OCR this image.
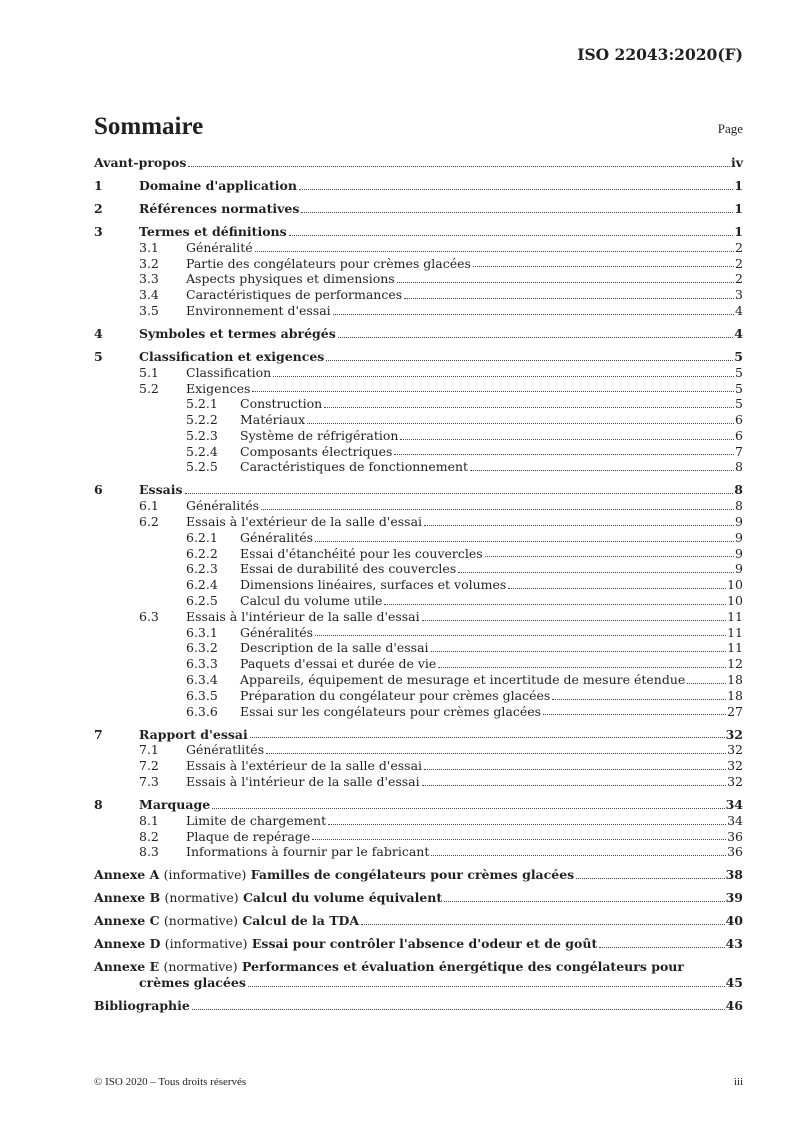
ISO 22043:2020(F)
Sommaire	Page
Avant-propos	iv
1	Domaine d'application	1
2	Références normatives	1
3	Termes et définitions	1
3.1	Généralité	2
3.2	Partie des congélateurs pour crèmes glacées	2
3.3	Aspects physiques et dimensions	2
3.4	Caractéristiques de performances	3
3.5	Environnement d'essai	4
4	Symboles et termes abrégés	4
5	Classification et exigences	5
5.1	Classification	5
5.2	Exigences	5
5.2.1	Construction	5
5.2.2	Matériaux	6
5.2.3	Système de réfrigération	6
5.2.4	Composants électriques	7
5.2.5	Caractéristiques de fonctionnement	8
6	Essais	8
6.1	Généralités	8
6.2	Essais à l'extérieur de la salle d'essai	9
6.2.1	Généralités	9
6.2.2	Essai d'étanchéité pour les couvercles	9
6.2.3	Essai de durabilité des couvercles	9
6.2.4	Dimensions linéaires, surfaces et volumes	10
6.2.5	Calcul du volume utile	10
6.3	Essais à l'intérieur de la salle d'essai	11
6.3.1	Généralités	11
6.3.2	Description de la salle d'essai	11
6.3.3	Paquets d'essai et durée de vie	12
6.3.4	Appareils, équipement de mesurage et incertitude de mesure étendue	18
6.3.5	Préparation du congélateur pour crèmes glacées	18
6.3.6	Essai sur les congélateurs pour crèmes glacées	27
7	Rapport d'essai	32
7.1	Génératlités	32
7.2	Essais à l'extérieur de la salle d'essai	32
7.3	Essais à l'intérieur de la salle d'essai	32
8	Marquage	34
8.1	Limite de chargement	34
8.2	Plaque de repérage	36
8.3	Informations à fournir par le fabricant	36
Annexe A (informative) Familles de congélateurs pour crèmes glacées	38
Annexe B (normative) Calcul du volume équivalent	39
Annexe C (normative) Calcul de la TDA	40
Annexe D (informative) Essai pour contrôler l'absence d'odeur et de goût	43
Annexe E (normative) Performances et évaluation énergétique des congélateurs pour
crèmes glacées	45
Bibliographie	46
© ISO 2020 – Tous droits réservés	iii
